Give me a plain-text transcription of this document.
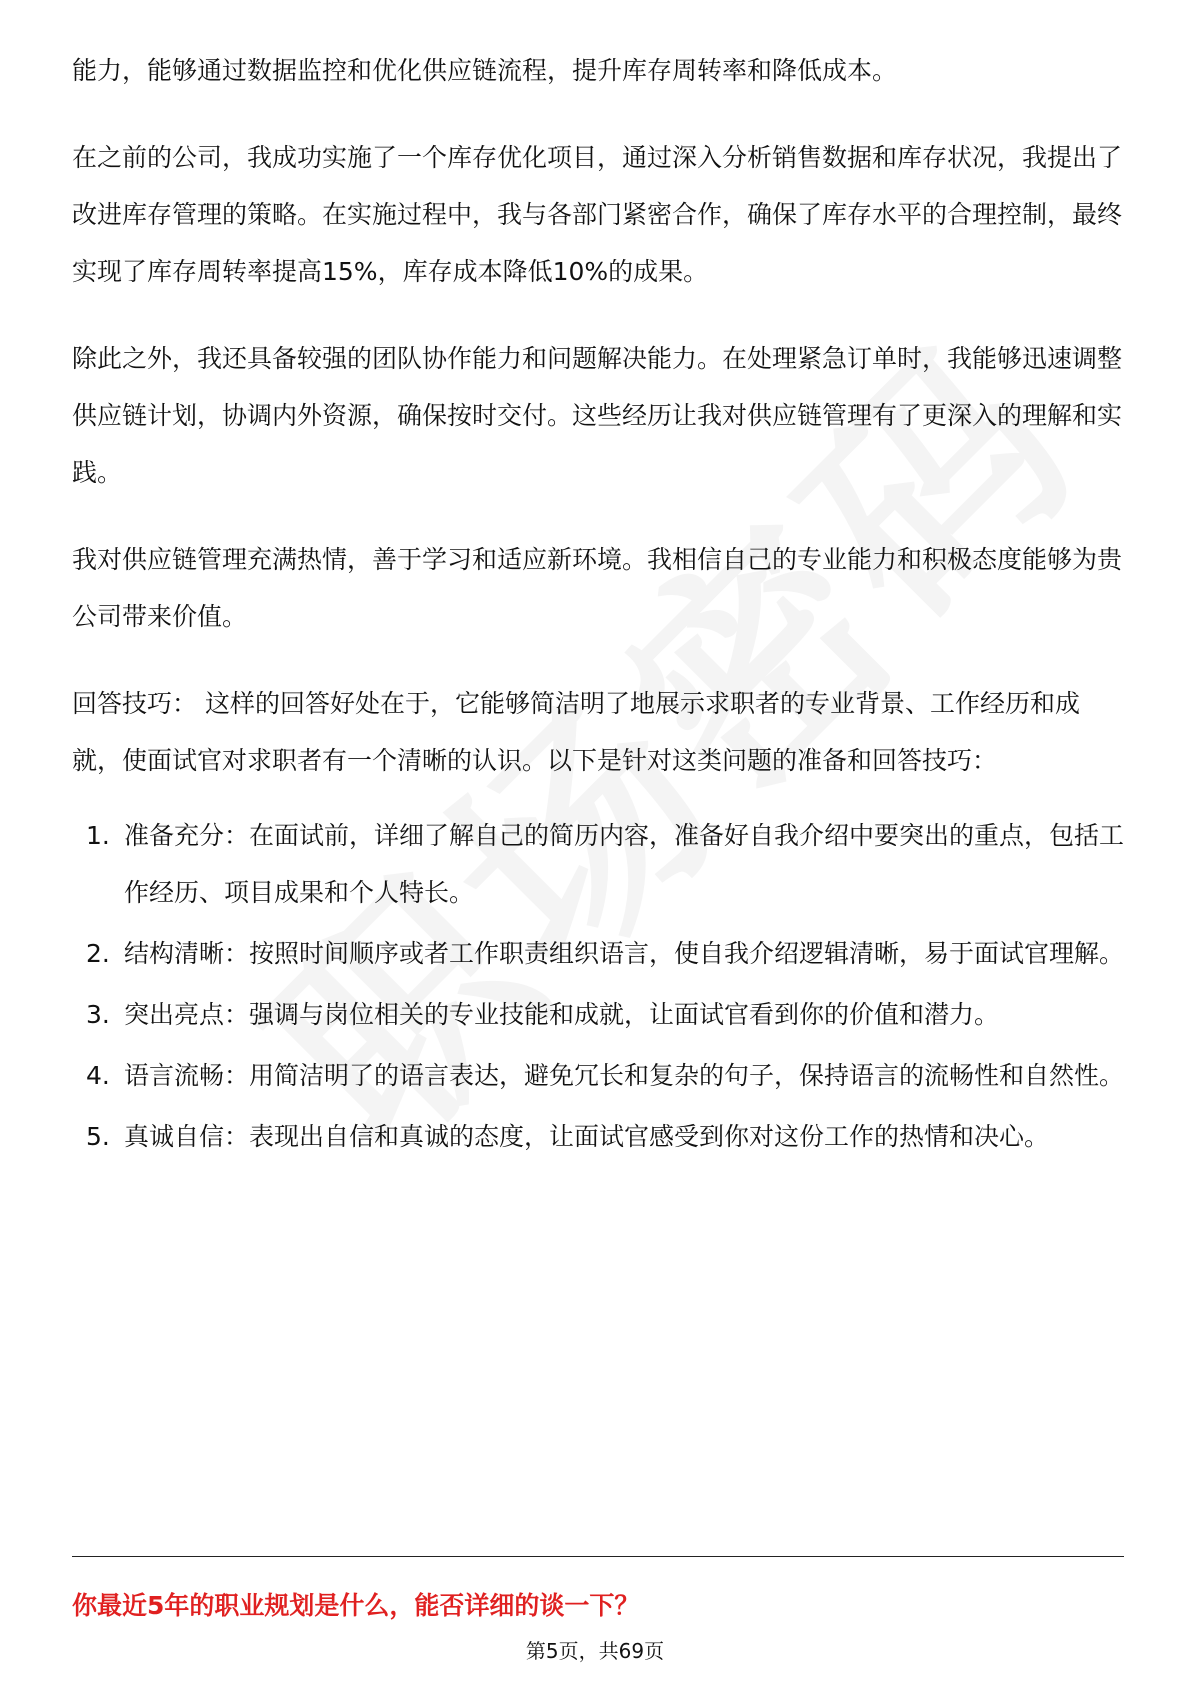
能力，能够通过数据监控和优化供应链流程，提升库存周转率和降低成本。

在之前的公司，我成功实施了一个库存优化项目，通过深入分析销售数据和库存状况，我提出了改进库存管理的策略。在实施过程中，我与各部门紧密合作，确保了库存水平的合理控制，最终实现了库存周转率提高15%，库存成本降低10%的成果。

除此之外，我还具备较强的团队协作能力和问题解决能力。在处理紧急订单时，我能够迅速调整供应链计划，协调内外资源，确保按时交付。这些经历让我对供应链管理有了更深入的理解和实践。

我对供应链管理充满热情，善于学习和适应新环境。我相信自己的专业能力和积极态度能够为贵公司带来价值。

回答技巧： 这样的回答好处在于，它能够简洁明了地展示求职者的专业背景、工作经历和成就，使面试官对求职者有一个清晰的认识。以下是针对这类问题的准备和回答技巧：

1. 准备充分：在面试前，详细了解自己的简历内容，准备好自我介绍中要突出的重点，包括工作经历、项目成果和个人特长。
2. 结构清晰：按照时间顺序或者工作职责组织语言，使自我介绍逻辑清晰，易于面试官理解。
3. 突出亮点：强调与岗位相关的专业技能和成就，让面试官看到你的价值和潜力。
4. 语言流畅：用简洁明了的语言表达，避免冗长和复杂的句子，保持语言的流畅性和自然性。
5. 真诚自信：表现出自信和真诚的态度，让面试官感受到你对这份工作的热情和决心。
你最近5年的职业规划是什么，能否详细的谈一下？
第5页，共69页
